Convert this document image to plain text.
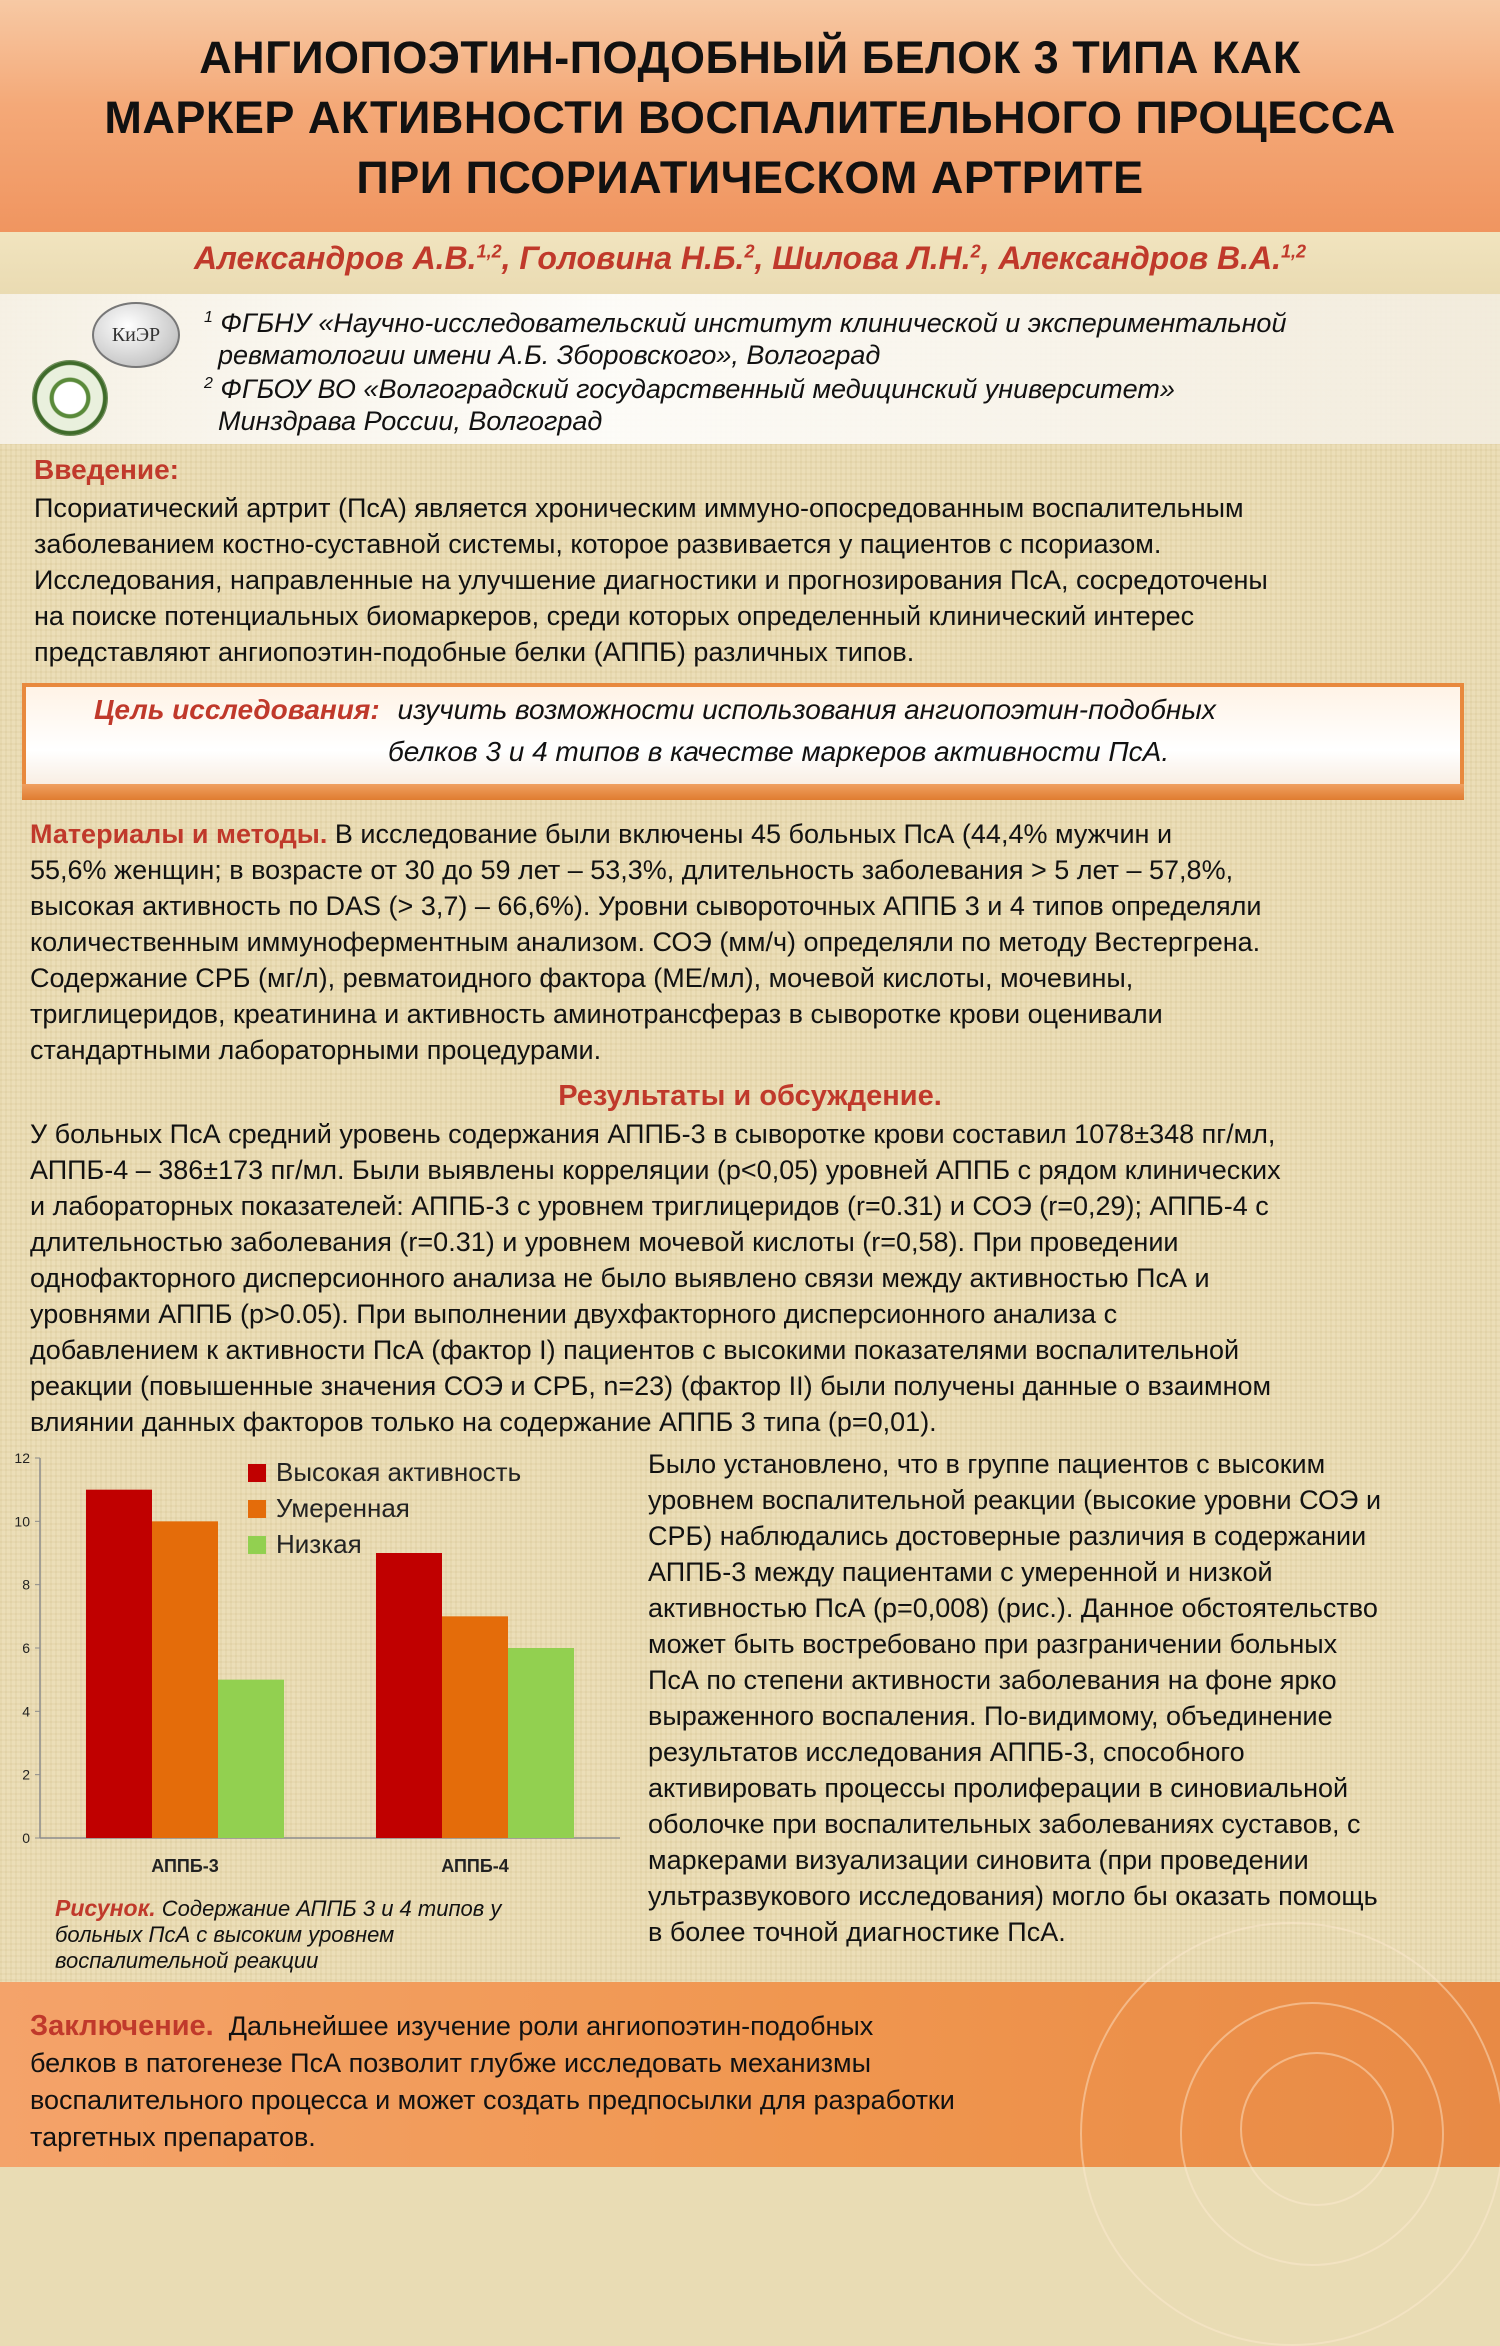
АНГИОПОЭТИН-ПОДОБНЫЙ БЕЛОК 3 ТИПА КАК
МАРКЕР АКТИВНОСТИ ВОСПАЛИТЕЛЬНОГО ПРОЦЕССА
ПРИ ПСОРИАТИЧЕСКОМ АРТРИТЕ
Александров А.В.$^{1,2}$, Головина Н.Б.$^2$, Шилова Л.Н.$^2$, Александров В.А.$^{1,2}$
КиЭР
$^1$ ФГБНУ «Научно-исследовательский институт клинической и экспериментальной
ревматологии имени А.Б. Зборовского», Волгоград
$^2$ ФГБОУ ВО «Волгоградский государственный медицинский университет»
Минздрава России, Волгоград
Введение:
Псориатический артрит (ПсА) является хроническим иммуно-опосредованным воспалительным
заболеванием костно-суставной системы, которое развивается у пациентов с псориазом.
Исследования, направленные на улучшение диагностики и прогнозирования ПсА, сосредоточены
на поиске потенциальных биомаркеров, среди которых определенный клинический интерес
представляют ангиопоэтин-подобные белки (АППБ) различных типов.
Цель исследования: изучить возможности использования ангиопоэтин-подобных
белков 3 и 4 типов в качестве маркеров активности ПсА.
Материалы и методы. В исследование были включены 45 больных ПсА (44,4% мужчин и
55,6% женщин; в возрасте от 30 до 59 лет – 53,3%, длительность заболевания > 5 лет – 57,8%,
высокая активность по DAS (> 3,7) – 66,6%). Уровни сывороточных АППБ 3 и 4 типов определяли
количественным иммуноферментным анализом. СОЭ (мм/ч) определяли по методу Вестергрена.
Содержание СРБ (мг/л), ревматоидного фактора (МЕ/мл), мочевой кислоты, мочевины,
триглицеридов, креатинина и активность аминотрансфераз в сыворотке крови оценивали
стандартными лабораторными процедурами.
Результаты и обсуждение.
У больных ПсА средний уровень содержания АППБ-3 в сыворотке крови составил 1078±348 пг/мл,
АППБ-4 – 386±173 пг/мл. Были выявлены корреляции (p<0,05) уровней АППБ с рядом клинических
и лабораторных показателей: АППБ-3 с уровнем триглицеридов (r=0.31) и СОЭ (r=0,29); АППБ-4 с
длительностью заболевания (r=0.31) и уровнем мочевой кислоты (r=0,58). При проведении
однофакторного дисперсионного анализа не было выявлено связи между активностью ПсА и
уровнями АППБ (p>0.05). При выполнении двухфакторного дисперсионного анализа с
добавлением к активности ПсА (фактор I) пациентов с высокими показателями воспалительной
реакции (повышенные значения СОЭ и СРБ, n=23) (фактор II) были получены данные о взаимном
влиянии данных факторов только на содержание АППБ 3 типа (p=0,01).
Было установлено, что в группе пациентов с высоким
уровнем воспалительной реакции (высокие уровни СОЭ и
СРБ) наблюдались достоверные различия в содержании
АППБ-3 между пациентами с умеренной и низкой
активностью ПсА (p=0,008) (рис.). Данное обстоятельство
может быть востребовано при разграничении больных
ПсА по степени активности заболевания на фоне ярко
выраженного воспаления. По-видимому, объединение
результатов исследования АППБ-3, способного
активировать процессы пролиферации в синовиальной
оболочке при воспалительных заболеваниях суставов, с
маркерами визуализации синовита (при проведении
ультразвукового исследования) могло бы оказать помощь
в более точной диагностике ПсА.
0
2
4
6
8
10
12
АППБ-3	АППБ-4
Высокая активность
Умеренная
Низкая
Рисунок. Содержание АППБ 3 и 4 типов у
больных ПсА с высоким уровнем
воспалительной реакции
Заключение. Дальнейшее изучение роли ангиопоэтин-подобных
белков в патогенезе ПсА позволит глубже исследовать механизмы
воспалительного процесса и может создать предпосылки для разработки
таргетных препаратов.
